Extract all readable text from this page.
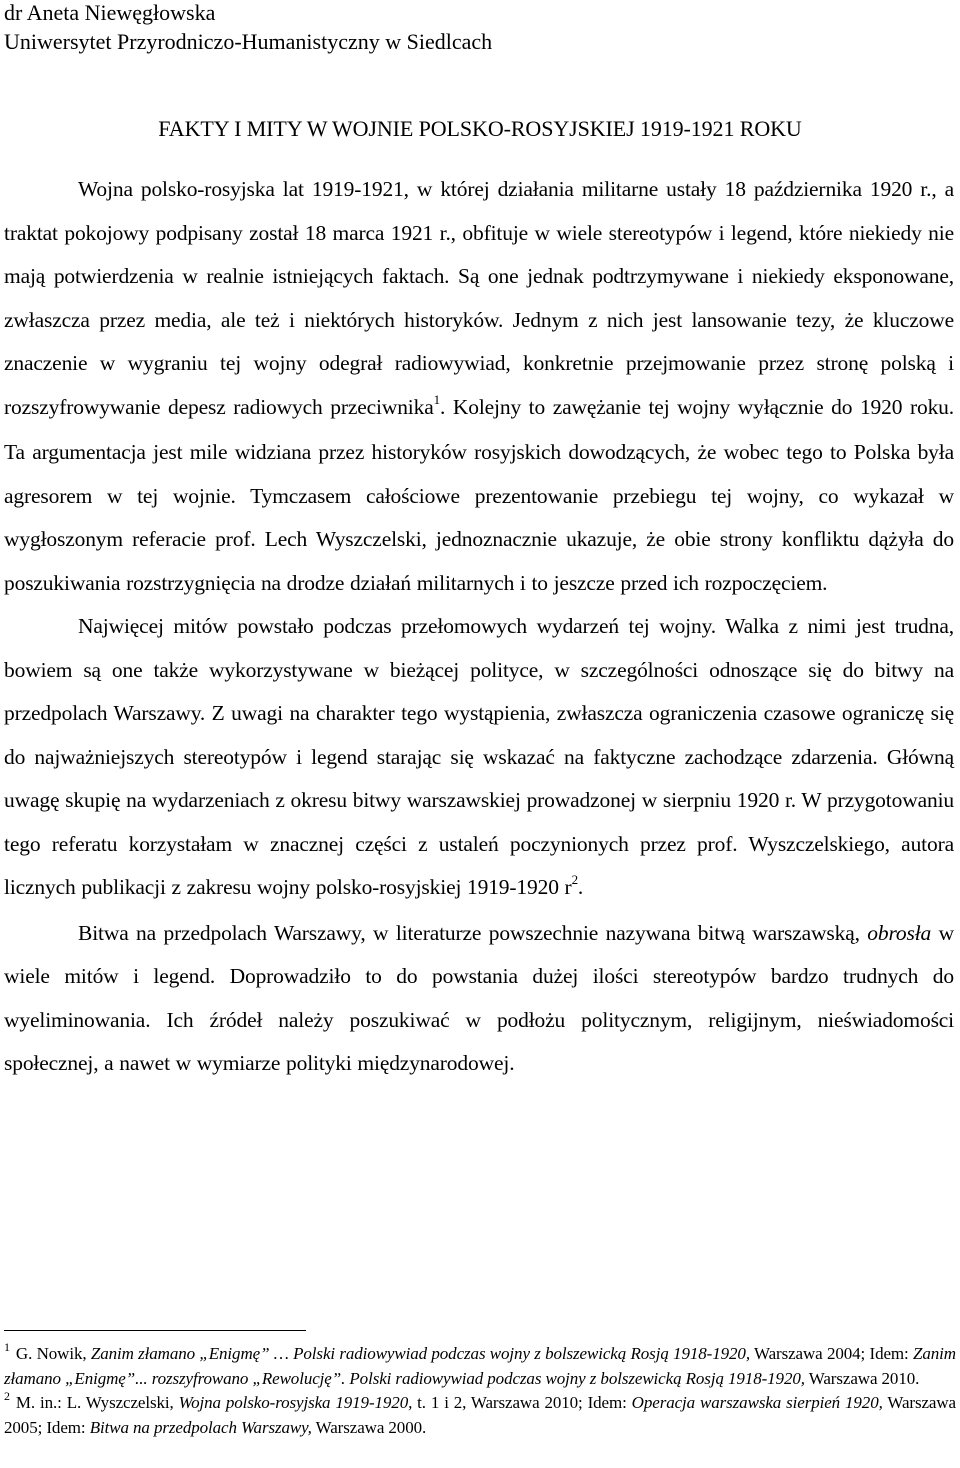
dr Aneta Niewęgłowska
Uniwersytet Przyrodniczo-Humanistyczny w Siedlcach
FAKTY I MITY W WOJNIE POLSKO-ROSYJSKIEJ 1919-1921 ROKU

Wojna polsko-rosyjska lat 1919-1921, w której działania militarne ustały 18 października 1920 r., a traktat pokojowy podpisany został 18 marca 1921 r., obfituje w wiele stereotypów i legend, które niekiedy nie mają potwierdzenia w realnie istniejących faktach. Są one jednak podtrzymywane i niekiedy eksponowane, zwłaszcza przez media, ale też i niektórych historyków. Jednym z nich jest lansowanie tezy, że kluczowe znaczenie w wygraniu tej wojny odegrał radiowywiad, konkretnie przejmowanie przez stronę polską i rozszyfrowywanie depesz radiowych przeciwnika$^1$. Kolejny to zawężanie tej wojny wyłącznie do 1920 roku. Ta argumentacja jest mile widziana przez historyków rosyjskich dowodzących, że wobec tego to Polska była agresorem w tej wojnie. Tymczasem całościowe prezentowanie przebiegu tej wojny, co wykazał w wygłoszonym referacie prof. Lech Wyszczelski, jednoznacznie ukazuje, że obie strony konfliktu dążyła do poszukiwania rozstrzygnięcia na drodze działań militarnych i to jeszcze przed ich rozpoczęciem.

Najwięcej mitów powstało podczas przełomowych wydarzeń tej wojny. Walka z nimi jest trudna, bowiem są one także wykorzystywane w bieżącej polityce, w szczególności odnoszące się do bitwy na przedpolach Warszawy. Z uwagi na charakter tego wystąpienia, zwłaszcza ograniczenia czasowe ograniczę się do najważniejszych stereotypów i legend starając się wskazać na faktyczne zachodzące zdarzenia. Główną uwagę skupię na wydarzeniach z okresu bitwy warszawskiej prowadzonej w sierpniu 1920 r. W przygotowaniu tego referatu korzystałam w znacznej części z ustaleń poczynionych przez prof. Wyszczelskiego, autora licznych publikacji z zakresu wojny polsko-rosyjskiej 1919-1920 r$^2$.

Bitwa na przedpolach Warszawy, w literaturze powszechnie nazywana bitwą warszawską, obrosła w wiele mitów i legend. Doprowadziło to do powstania dużej ilości stereotypów bardzo trudnych do wyeliminowania. Ich źródeł należy poszukiwać w podłożu politycznym, religijnym, nieświadomości społecznej, a nawet w wymiarze polityki międzynarodowej.

$^1$ G. Nowik, Zanim złamano „Enigmę” … Polski radiowywiad podczas wojny z bolszewicką Rosją 1918-1920, Warszawa 2004; Idem: Zanim złamano „Enigmę”... rozszyfrowano „Rewolucję”. Polski radiowywiad podczas wojny z bolszewicką Rosją 1918-1920, Warszawa 2010.

$^2$ M. in.: L. Wyszczelski, Wojna polsko-rosyjska 1919-1920, t. 1 i 2, Warszawa 2010; Idem: Operacja warszawska sierpień 1920, Warszawa 2005; Idem: Bitwa na przedpolach Warszawy, Warszawa 2000.
